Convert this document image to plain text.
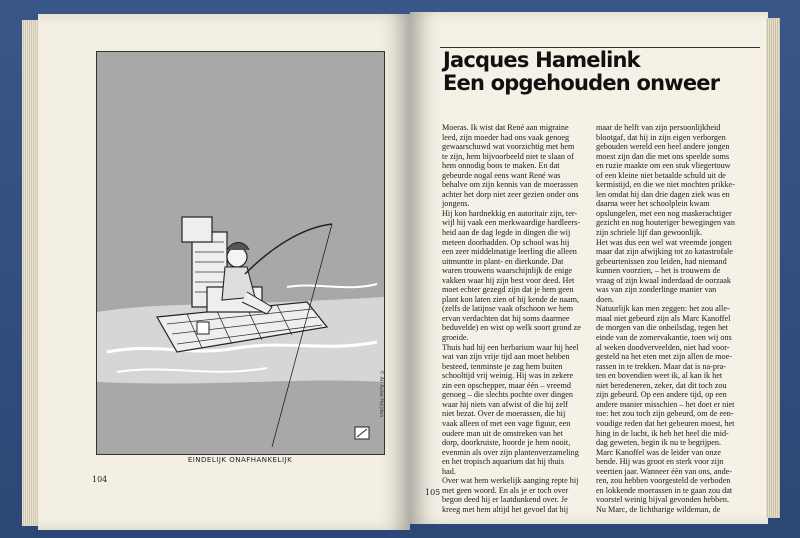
EINDELIJK ONAFHANKELIJK
© Ali Auke Heijden
104
Jacques Hamelink
Een opgehouden onweer
Moeras. Ik wist dat René aan migraine
leed, zijn moeder had ons vaak genoeg
gewaarschuwd wat voorzichtig met hem
te zijn, hem bijvoorbeeld niet te slaan of
hem onnodig boos te maken. En dat
gebeurde nogal eens want René was
behalve om zijn kennis van de moerassen
achter het dorp niet zeer gezien onder ons
jongens.
Hij kon hardnekkig en autoritair zijn, ter-
wijl hij vaak een merkwaardige hardleers-
heid aan de dag legde in dingen die wij
meteen doorhadden. Op school was hij
een zeer middelmatige leerling die alleen
uitmuntte in plant- en dierkunde. Dat
waren trouwens waarschijnlijk de enige
vakken waar hij zijn best voor deed. Het
moet echter gezegd zijn dat je hem geen
plant kon laten zien of hij kende de naam,
(zelfs de latijnse vaak ofschoon we hem
ervan verdachten dat hij soms daarmee
beduvelde) en wist op welk soort grond ze
groeide.
Thuis had hij een herbarium waar hij heel
wat van zijn vrije tijd aan moet hebben
besteed, tenminste je zag hem buiten
schooltijd vrij weinig. Hij was in zekere
zin een opschepper, maar één – vreemd
genoeg – die slechts pochte over dingen
waar hij niets van afwist of die hij zelf
niet bezat. Over de moerassen, die hij
vaak alleen of met een vage figuur, een
oudere man uit de omstreken van het
dorp, doorkruiste, hoorde je hem nooit,
evenmin als over zijn plantenverzameling
en het tropisch aquarium dat hij thuis
had.
Over wat hem werkelijk aanging repte hij
met geen woord. En als je er toch over
begon deed hij er laatdunkend over. Je
kreeg met hem altijd het gevoel dat hij
maar de helft van zijn persoonlijkheid
blootgaf, dat hij in zijn eigen verborgen
gebouden wereld een heel andere jongen
moest zijn dan die met ons speelde soms
en ruzie maakte om een stuk vliegertouw
of een kleine niet betaalde schuld uit de
kermistijd, en die we niet mochten prikke-
len omdat hij dan drie dagen ziek was en
daarna weer het schoolplein kwam
opslungelen, met een nog maskerachtiger
gezicht en nog houteriger bewegingen van
zijn schriele lijf dan gewoonlijk.
Het was dus een wel wat vreemde jongen
maar dat zijn afwijking tot zo katastrofale
gebeurtenissen zou leiden, had niemand
kunnen voorzien, – het is trouwens de
vraag of zijn kwaal inderdaad de oorzaak
was van zijn zonderlinge manier van
doen.
Natuurlijk kan men zeggen: het zou alle-
maal niet gebeurd zijn als Marc Kanoffel
de morgen van die onheilsdag, tegen het
einde van de zomervakantie, toen wij ons
al weken doodverveelden, niet had voor-
gesteld na het eten met zijn allen de moe-
rassen in te trekken. Maar dat is na-pra-
ten en bovendien weet ik, al kan ik het
niet beredeneren, zeker, dat dit toch zou
zijn gebeurd. Op een andere tijd, op een
andere manier misschien – het doet er niet
toe: het zou toch zijn gebeurd, om de een-
voudige reden dat het gebeuren moest, het
hing in de lucht, ik heb het heel die mid-
dag geweten, begin ik nu te begrijpen.
Marc Kanoffel was de leider van onze
bende. Hij was groot en sterk voor zijn
veertien jaar. Wanneer één van ons, ande-
ren, zou hebben voorgesteld de verboden
en lokkende moerassen in te gaan zou dat
voorstel weinig bijval gevonden hebben.
Nu Marc, de lichtharige wildeman, de
105
